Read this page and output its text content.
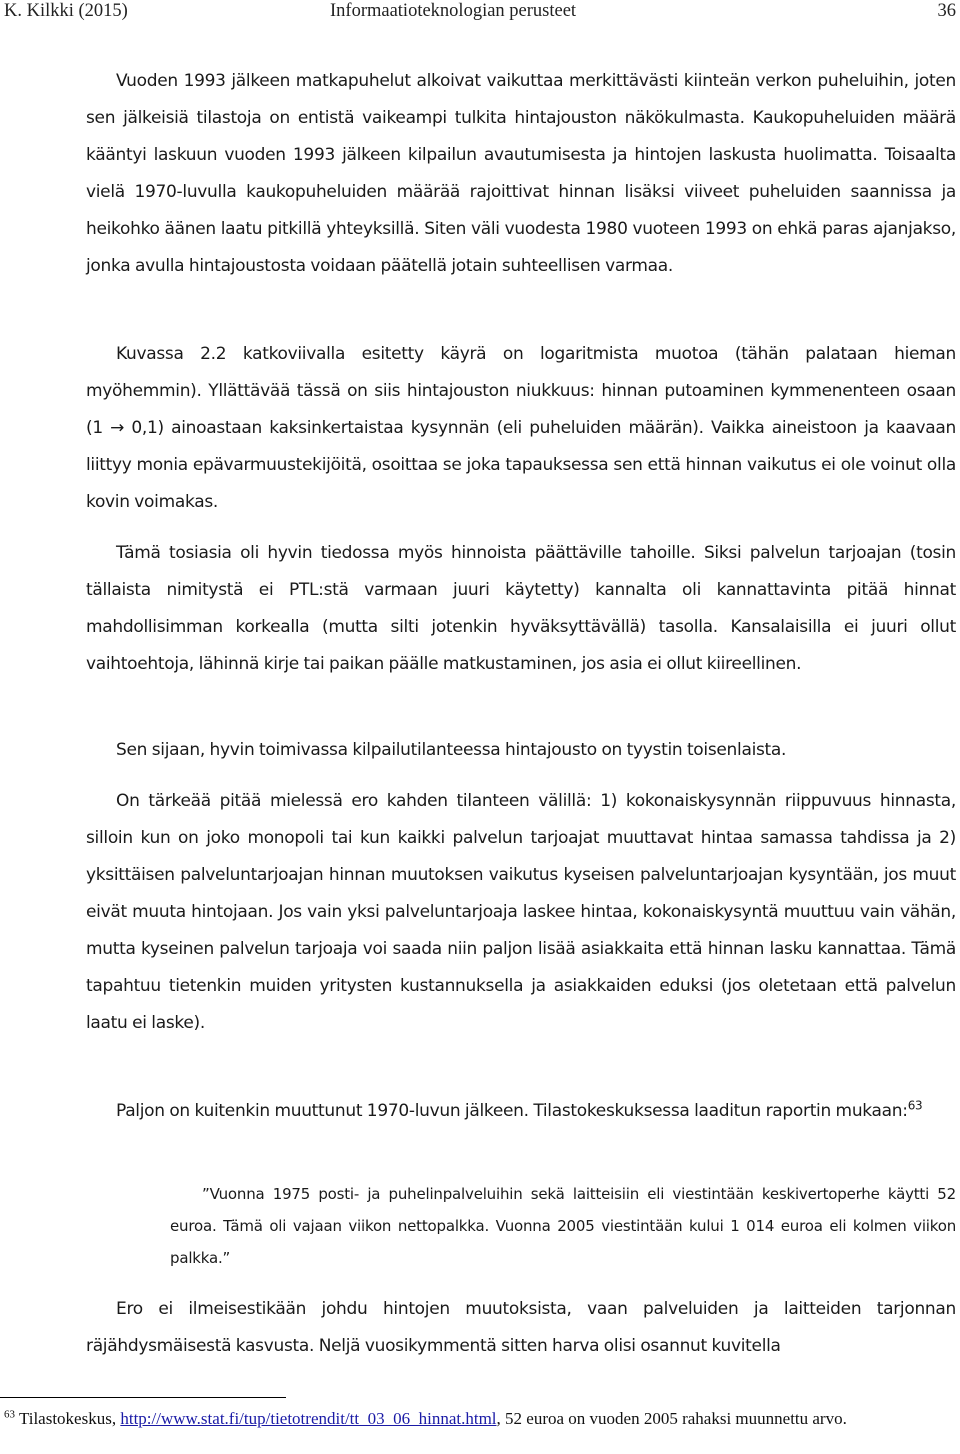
K. Kilkki (2015)	Informaatioteknologian perusteet	36
Vuoden 1993 jälkeen matkapuhelut alkoivat vaikuttaa merkittävästi kiinteän verkon puheluihin, joten sen jälkeisiä tilastoja on entistä vaikeampi tulkita hintajouston näkökulmasta. Kaukopuheluiden määrä kääntyi laskuun vuoden 1993 jälkeen kilpailun avautumisesta ja hintojen laskusta huolimatta. Toisaalta vielä 1970-luvulla kaukopuheluiden määrää rajoittivat hinnan lisäksi viiveet puheluiden saannissa ja heikohko äänen laatu pitkillä yhteyksillä. Siten väli vuodesta 1980 vuoteen 1993 on ehkä paras ajanjakso, jonka avulla hintajoustosta voidaan päätellä jotain suhteellisen varmaa.
Kuvassa 2.2 katkoviivalla esitetty käyrä on logaritmista muotoa (tähän palataan hieman myöhemmin). Yllättävää tässä on siis hintajouston niukkuus: hinnan putoaminen kymmenenteen osaan (1 → 0,1) ainoastaan kaksinkertaistaa kysynnän (eli puheluiden määrän). Vaikka aineistoon ja kaavaan liittyy monia epävarmuustekijöitä, osoittaa se joka tapauksessa sen että hinnan vaikutus ei ole voinut olla kovin voimakas.
Tämä tosiasia oli hyvin tiedossa myös hinnoista päättäville tahoille. Siksi palvelun tarjoajan (tosin tällaista nimitystä ei PTL:stä varmaan juuri käytetty) kannalta oli kannattavinta pitää hinnat mahdollisimman korkealla (mutta silti jotenkin hyväksyttävällä) tasolla. Kansalaisilla ei juuri ollut vaihtoehtoja, lähinnä kirje tai paikan päälle matkustaminen, jos asia ei ollut kiireellinen.
Sen sijaan, hyvin toimivassa kilpailutilanteessa hintajousto on tyystin toisenlaista.
On tärkeää pitää mielessä ero kahden tilanteen välillä: 1) kokonaiskysynnän riippuvuus hinnasta, silloin kun on joko monopoli tai kun kaikki palvelun tarjoajat muuttavat hintaa samassa tahdissa ja 2) yksittäisen palveluntarjoajan hinnan muutoksen vaikutus kyseisen palveluntarjoajan kysyntään, jos muut eivät muuta hintojaan. Jos vain yksi palveluntarjoaja laskee hintaa, kokonaiskysyntä muuttuu vain vähän, mutta kyseinen palvelun tarjoaja voi saada niin paljon lisää asiakkaita että hinnan lasku kannattaa. Tämä tapahtuu tietenkin muiden yritysten kustannuksella ja asiakkaiden eduksi (jos oletetaan että palvelun laatu ei laske).
Paljon on kuitenkin muuttunut 1970-luvun jälkeen. Tilastokeskuksessa laaditun raportin mukaan:$^{63}$
”Vuonna 1975 posti- ja puhelinpalveluihin sekä laitteisiin eli viestintään keskivertoperhe käytti 52 euroa. Tämä oli vajaan viikon nettopalkka. Vuonna 2005 viestintään kului 1 014 euroa eli kolmen viikon palkka.”
Ero ei ilmeisestikään johdu hintojen muutoksista, vaan palveluiden ja laitteiden tarjonnan räjähdysmäisestä kasvusta. Neljä vuosikymmentä sitten harva olisi osannut kuvitella
$^{63}$ Tilastokeskus, http://www.stat.fi/tup/tietotrendit/tt_03_06_hinnat.html, 52 euroa on vuoden 2005 rahaksi muunnettu arvo.
